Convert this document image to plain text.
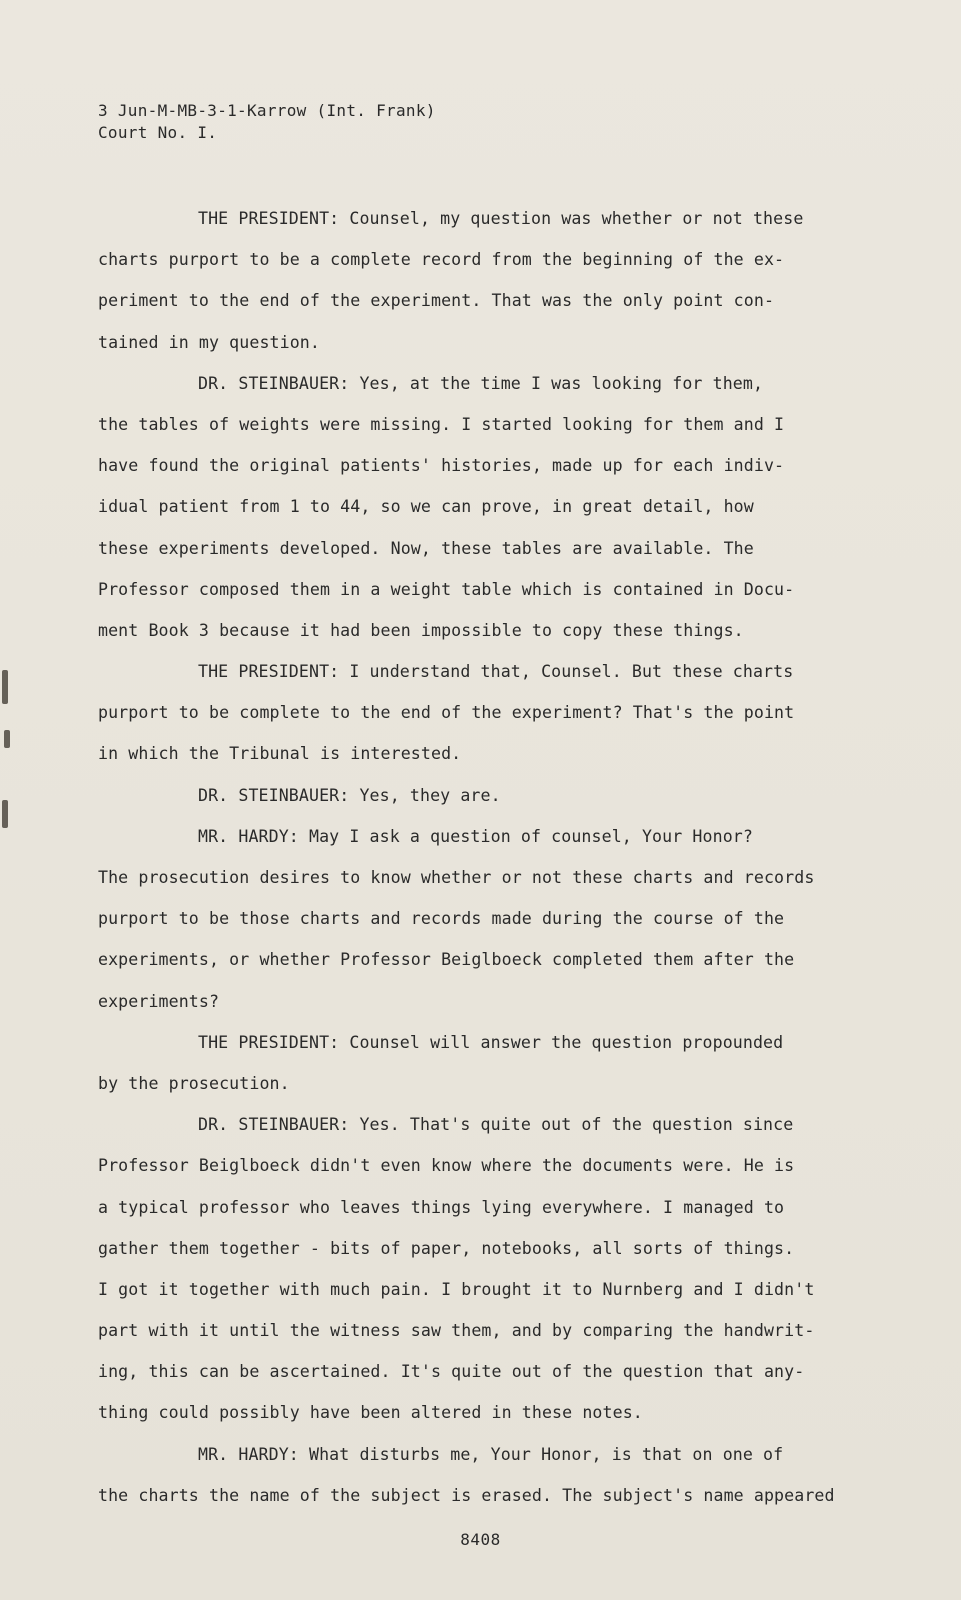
3 Jun-M-MB-3-1-Karrow (Int. Frank)
Court No. I.
THE PRESIDENT: Counsel, my question was whether or not these
charts purport to be a complete record from the beginning of the ex-
periment to the end of the experiment. That was the only point con-
tained in my question.
DR. STEINBAUER: Yes, at the time I was looking for them,
the tables of weights were missing. I started looking for them and I
have found the original patients' histories, made up for each indiv-
idual patient from 1 to 44, so we can prove, in great detail, how
these experiments developed. Now, these tables are available. The
Professor composed them in a weight table which is contained in Docu-
ment Book 3 because it had been impossible to copy these things.
THE PRESIDENT: I understand that, Counsel. But these charts
purport to be complete to the end of the experiment? That's the point
in which the Tribunal is interested.
DR. STEINBAUER: Yes, they are.
MR. HARDY: May I ask a question of counsel, Your Honor?
The prosecution desires to know whether or not these charts and records
purport to be those charts and records made during the course of the
experiments, or whether Professor Beiglboeck completed them after the
experiments?
THE PRESIDENT: Counsel will answer the question propounded
by the prosecution.
DR. STEINBAUER: Yes. That's quite out of the question since
Professor Beiglboeck didn't even know where the documents were. He is
a typical professor who leaves things lying everywhere. I managed to
gather them together - bits of paper, notebooks, all sorts of things.
I got it together with much pain. I brought it to Nurnberg and I didn't
part with it until the witness saw them, and by comparing the handwrit-
ing, this can be ascertained. It's quite out of the question that any-
thing could possibly have been altered in these notes.
MR. HARDY: What disturbs me, Your Honor, is that on one of
the charts the name of the subject is erased. The subject's name appeared
8408
